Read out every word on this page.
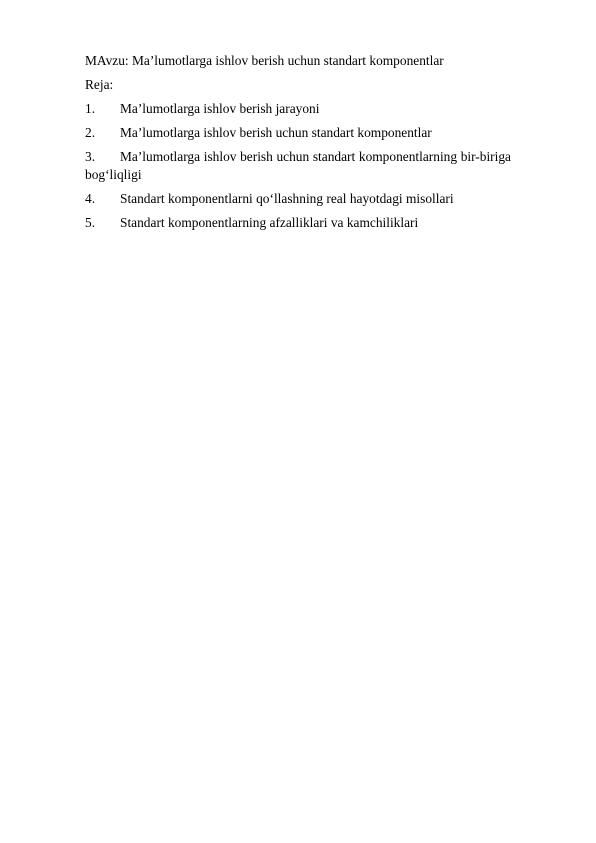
MAvzu: Ma’lumotlarga ishlov berish uchun standart komponentlar
Reja:
1.	Ma’lumotlarga ishlov berish jarayoni
2.	Ma’lumotlarga ishlov berish uchun standart komponentlar
3.	Ma’lumotlarga ishlov berish uchun standart komponentlarning bir-biriga bog‘liqligi
4.	Standart komponentlarni qo‘llashning real hayotdagi misollari
5.	Standart komponentlarning afzalliklari va kamchiliklari
